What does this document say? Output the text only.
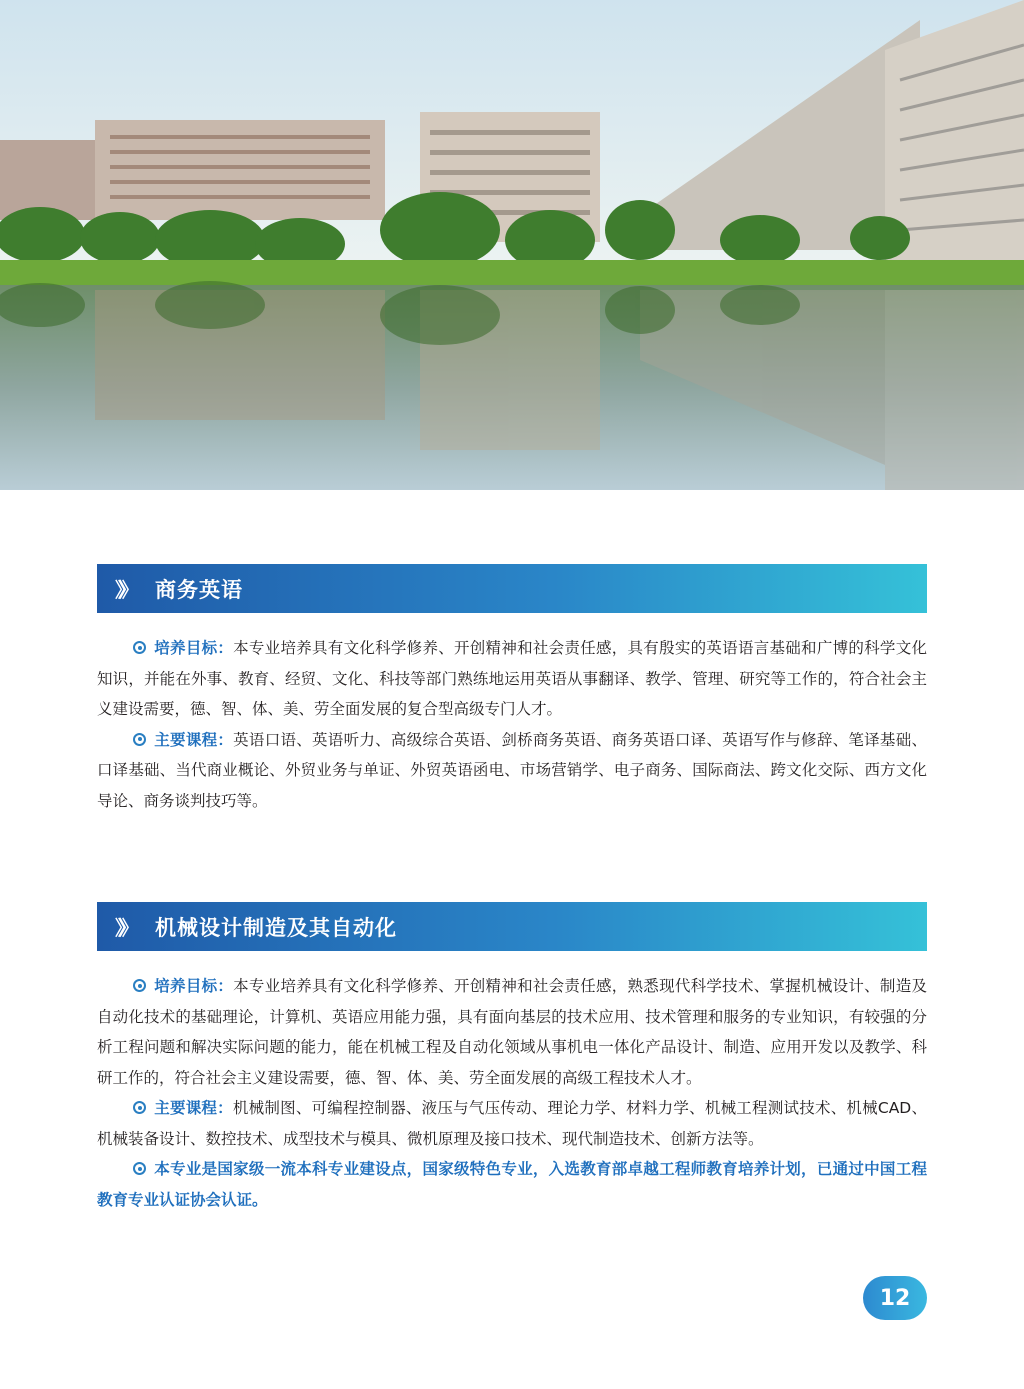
》》	商务英语

培养目标：本专业培养具有文化科学修养、开创精神和社会责任感，具有殷实的英语语言基础和广博的科学文化知识，并能在外事、教育、经贸、文化、科技等部门熟练地运用英语从事翻译、教学、管理、研究等工作的，符合社会主义建设需要，德、智、体、美、劳全面发展的复合型高级专门人才。

主要课程：英语口语、英语听力、高级综合英语、剑桥商务英语、商务英语口译、英语写作与修辞、笔译基础、口译基础、当代商业概论、外贸业务与单证、外贸英语函电、市场营销学、电子商务、国际商法、跨文化交际、西方文化导论、商务谈判技巧等。

》》	机械设计制造及其自动化

培养目标：本专业培养具有文化科学修养、开创精神和社会责任感，熟悉现代科学技术、掌握机械设计、制造及自动化技术的基础理论，计算机、英语应用能力强，具有面向基层的技术应用、技术管理和服务的专业知识，有较强的分析工程问题和解决实际问题的能力，能在机械工程及自动化领域从事机电一体化产品设计、制造、应用开发以及教学、科研工作的，符合社会主义建设需要，德、智、体、美、劳全面发展的高级工程技术人才。

主要课程：机械制图、可编程控制器、液压与气压传动、理论力学、材料力学、机械工程测试技术、机械CAD、机械装备设计、数控技术、成型技术与模具、微机原理及接口技术、现代制造技术、创新方法等。

本专业是国家级一流本科专业建设点，国家级特色专业，入选教育部卓越工程师教育培养计划，已通过中国工程教育专业认证协会认证。

12
